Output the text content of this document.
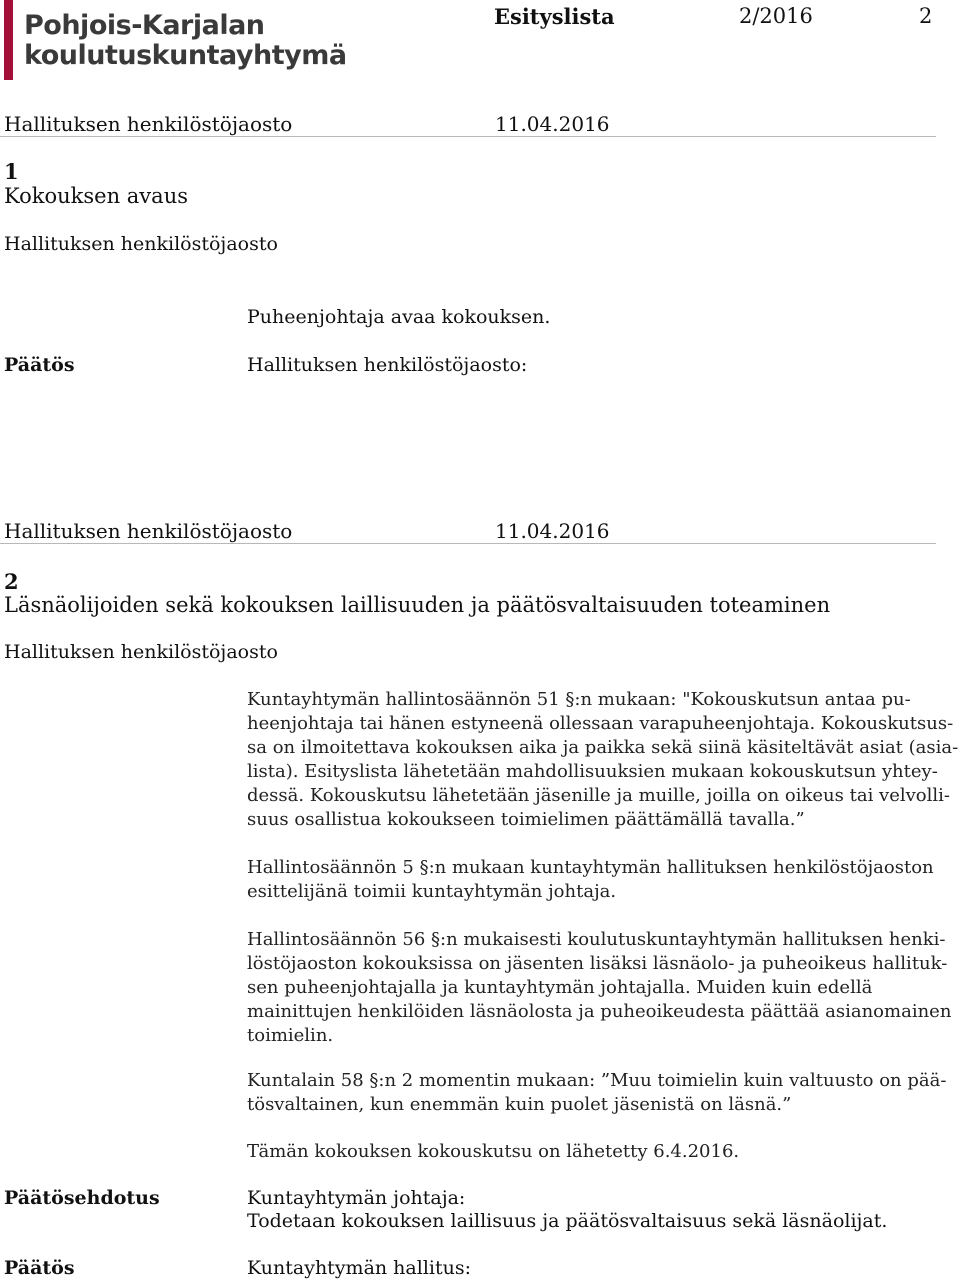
Pohjois-Karjalan
koulutuskuntayhtymä
Esityslista	2/2016	2
Hallituksen henkilöstöjaosto	11.04.2016
1
Kokouksen avaus
Hallituksen henkilöstöjaosto
Puheenjohtaja avaa kokouksen.
Päätös	Hallituksen henkilöstöjaosto:
Hallituksen henkilöstöjaosto	11.04.2016
2
Läsnäolijoiden sekä kokouksen laillisuuden ja päätösvaltaisuuden toteaminen
Hallituksen henkilöstöjaosto
Kuntayhtymän hallintosäännön 51 §:n mukaan: "Kokouskutsun antaa pu-
heenjohtaja tai hänen estyneenä ollessaan varapuheenjohtaja. Kokouskutsus-
sa on ilmoitettava kokouksen aika ja paikka sekä siinä käsiteltävät asiat (asia-
lista). Esityslista lähetetään mahdollisuuksien mukaan kokouskutsun yhtey-
dessä. Kokouskutsu lähetetään jäsenille ja muille, joilla on oikeus tai velvolli-
suus osallistua kokoukseen toimielimen päättämällä tavalla.”
Hallintosäännön 5 §:n mukaan kuntayhtymän hallituksen henkilöstöjaoston
esittelijänä toimii kuntayhtymän johtaja.
Hallintosäännön 56 §:n mukaisesti koulutuskuntayhtymän hallituksen henki-
löstöjaoston kokouksissa on jäsenten lisäksi läsnäolo- ja puheoikeus hallituk-
sen puheenjohtajalla ja kuntayhtymän johtajalla. Muiden kuin edellä
mainittujen henkilöiden läsnäolosta ja puheoikeudesta päättää asianomainen
toimielin.
Kuntalain 58 §:n 2 momentin mukaan: ”Muu toimielin kuin valtuusto on pää-
tösvaltainen, kun enemmän kuin puolet jäsenistä on läsnä.”
Tämän kokouksen kokouskutsu on lähetetty 6.4.2016.
Päätösehdotus	Kuntayhtymän johtaja:
Todetaan kokouksen laillisuus ja päätösvaltaisuus sekä läsnäolijat.
Päätös	Kuntayhtymän hallitus:
